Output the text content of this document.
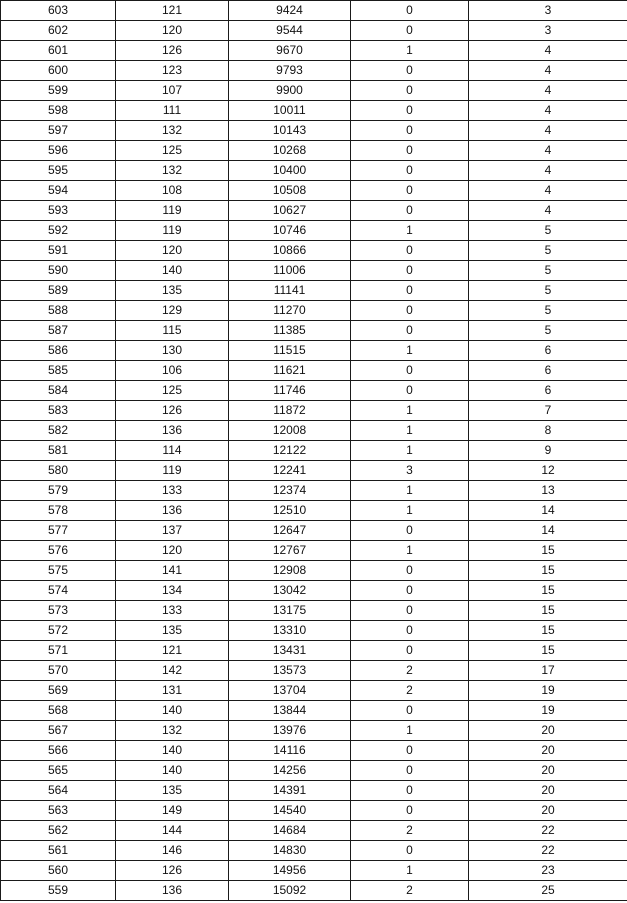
603	121	9424	0	3
602	120	9544	0	3
601	126	9670	1	4
600	123	9793	0	4
599	107	9900	0	4
598	111	10011	0	4
597	132	10143	0	4
596	125	10268	0	4
595	132	10400	0	4
594	108	10508	0	4
593	119	10627	0	4
592	119	10746	1	5
591	120	10866	0	5
590	140	11006	0	5
589	135	11141	0	5
588	129	11270	0	5
587	115	11385	0	5
586	130	11515	1	6
585	106	11621	0	6
584	125	11746	0	6
583	126	11872	1	7
582	136	12008	1	8
581	114	12122	1	9
580	119	12241	3	12
579	133	12374	1	13
578	136	12510	1	14
577	137	12647	0	14
576	120	12767	1	15
575	141	12908	0	15
574	134	13042	0	15
573	133	13175	0	15
572	135	13310	0	15
571	121	13431	0	15
570	142	13573	2	17
569	131	13704	2	19
568	140	13844	0	19
567	132	13976	1	20
566	140	14116	0	20
565	140	14256	0	20
564	135	14391	0	20
563	149	14540	0	20
562	144	14684	2	22
561	146	14830	0	22
560	126	14956	1	23
559	136	15092	2	25
